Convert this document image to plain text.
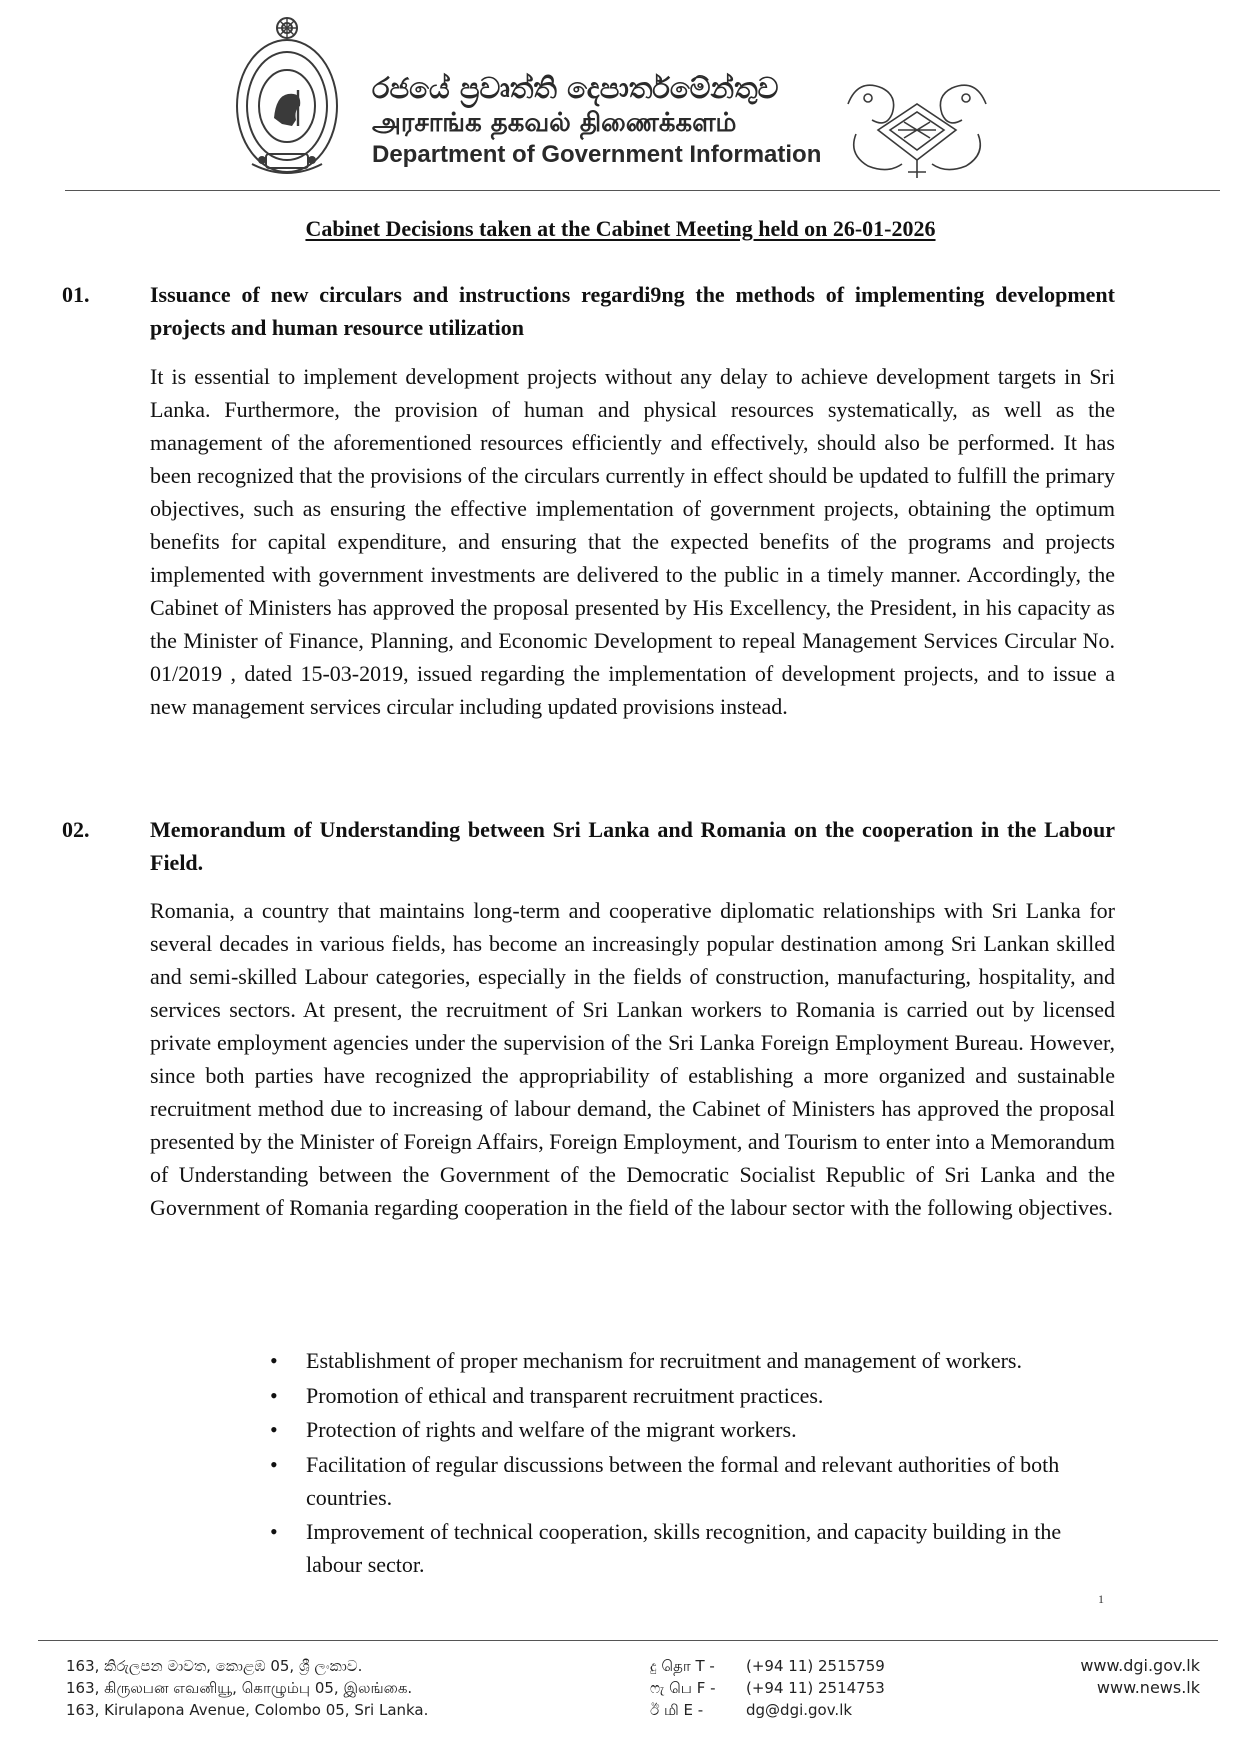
රජයේ ප්‍රවෘත්ති දෙපාර්තමේන්තුව
அரசாங்க தகவல் திணைக்களம்
Department of Government Information
Cabinet Decisions taken at the Cabinet Meeting held on 26-01-2026
01.	Issuance of new circulars and instructions regardi9ng the methods of implementing development projects and human resource utilization
It is essential to implement development projects without any delay to achieve development targets in Sri Lanka. Furthermore, the provision of human and physical resources systematically, as well as the management of the aforementioned resources efficiently and effectively, should also be performed. It has been recognized that the provisions of the circulars currently in effect should be updated to fulfill the primary objectives, such as ensuring the effective implementation of government projects, obtaining the optimum benefits for capital expenditure, and ensuring that the expected benefits of the programs and projects implemented with government investments are delivered to the public in a timely manner. Accordingly, the Cabinet of Ministers has approved the proposal presented by His Excellency, the President, in his capacity as the Minister of Finance, Planning, and Economic Development to repeal Management Services Circular No. 01/2019 , dated 15-03-2019, issued regarding the implementation of development projects, and to issue a new management services circular including updated provisions instead.
02.	Memorandum of Understanding between Sri Lanka and Romania on the cooperation in the Labour Field.
Romania, a country that maintains long-term and cooperative diplomatic relationships with Sri Lanka for several decades in various fields, has become an increasingly popular destination among Sri Lankan skilled and semi-skilled Labour categories, especially in the fields of construction, manufacturing, hospitality, and services sectors. At present, the recruitment of Sri Lankan workers to Romania is carried out by licensed private employment agencies under the supervision of the Sri Lanka Foreign Employment Bureau. However, since both parties have recognized the appropriability of establishing a more organized and sustainable recruitment method due to increasing of labour demand, the Cabinet of Ministers has approved the proposal presented by the Minister of Foreign Affairs, Foreign Employment, and Tourism to enter into a Memorandum of Understanding between the Government of the Democratic Socialist Republic of Sri Lanka and the Government of Romania regarding cooperation in the field of the labour sector with the following objectives.
•	Establishment of proper mechanism for recruitment and management of workers.
•	Promotion of ethical and transparent recruitment practices.
•	Protection of rights and welfare of the migrant workers.
•	Facilitation of regular discussions between the formal and relevant authorities of both countries.
•	Improvement of technical cooperation, skills recognition, and capacity building in the labour sector.
1
163, කිරුලපන මාවත, කොළඹ 05, ශ්‍රී ලංකාව.
163, கிருலபன எவனியூ, கொழும்பு 05, இலங்கை.
163, Kirulapona Avenue, Colombo 05, Sri Lanka.
දු தொ T -	(+94 11) 2515759
ෆැ பெ F -	(+94 11) 2514753
ඊ மி E -	dg@dgi.gov.lk
www.dgi.gov.lk
www.news.lk
